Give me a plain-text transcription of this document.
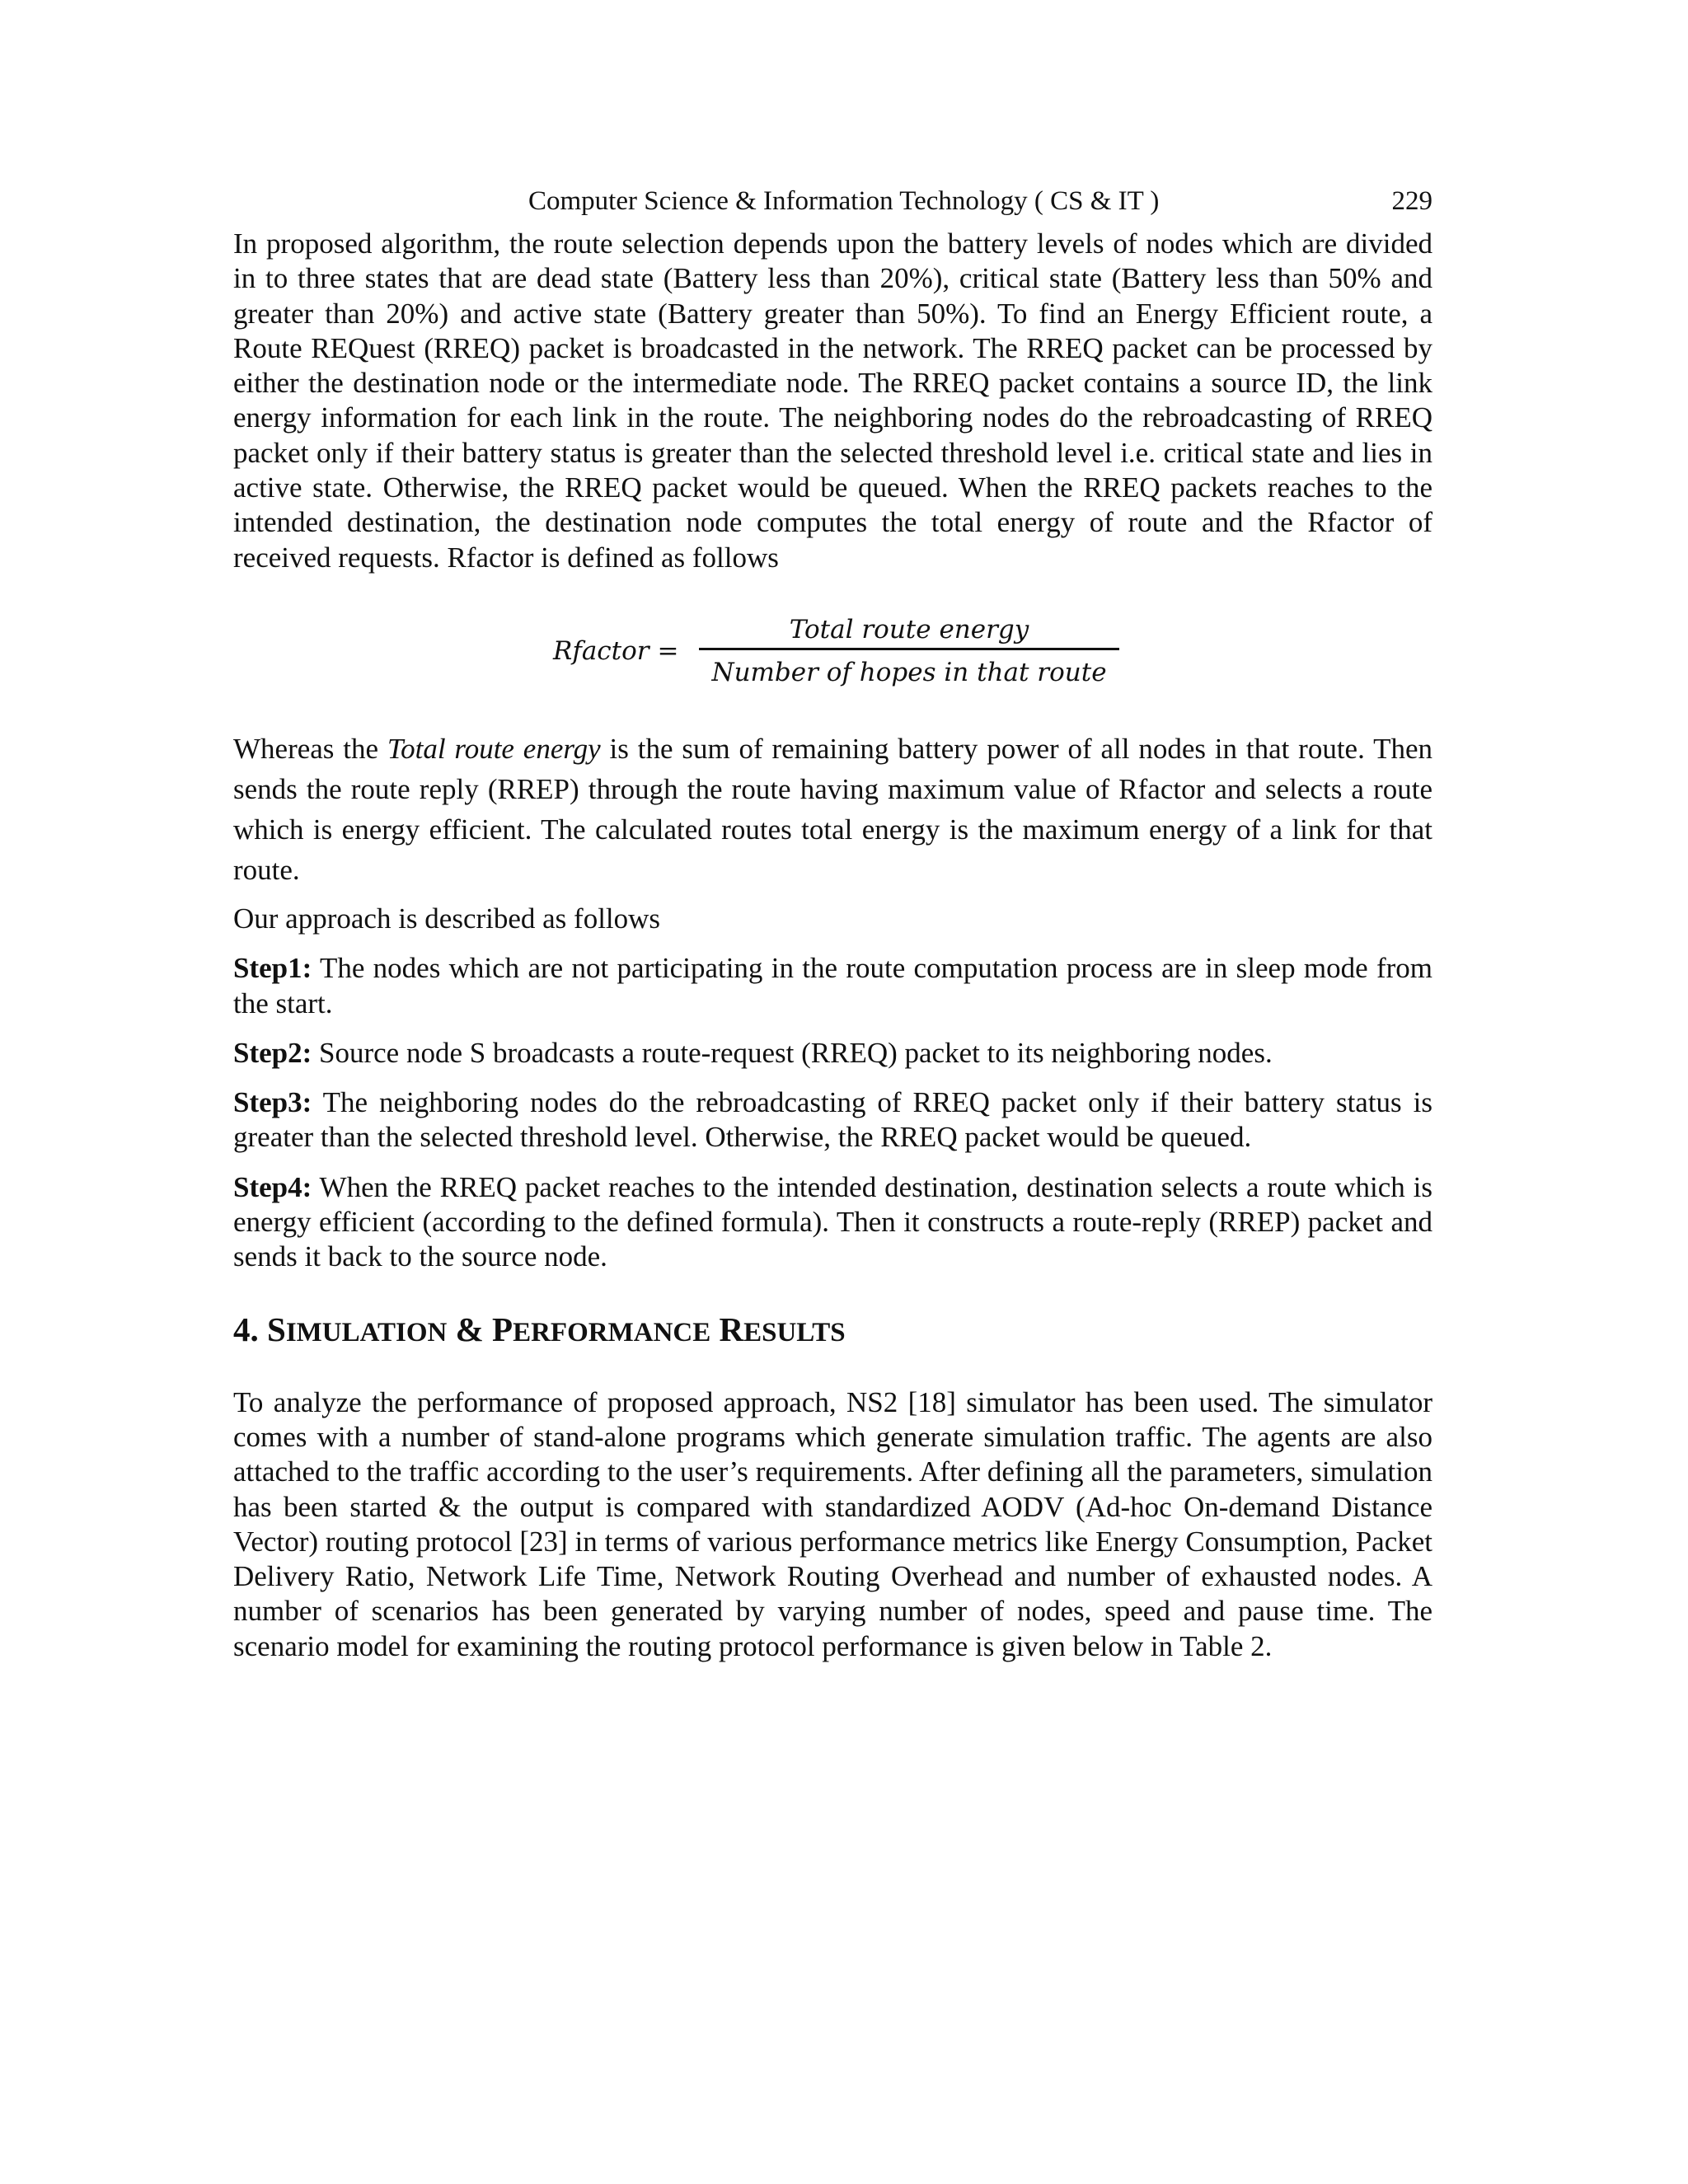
Computer Science & Information Technology ( CS & IT )	229

In proposed algorithm, the route selection depends upon the battery levels of nodes which are divided in to three states that are dead state (Battery less than 20%), critical state (Battery less than 50% and greater than 20%) and active state (Battery greater than 50%). To find an Energy Efficient route, a Route REQuest (RREQ) packet is broadcasted in the network. The RREQ packet can be processed by either the destination node or the intermediate node. The RREQ packet contains a source ID, the link energy information for each link in the route. The neighboring nodes do the rebroadcasting of RREQ packet only if their battery status is greater than the selected threshold level i.e. critical state and lies in active state. Otherwise, the RREQ packet would be queued. When the RREQ packets reaches to the intended destination, the destination node computes the total energy of route and the Rfactor of received requests. Rfactor is defined as follows

Rfactor =
Total route energy
Number of hopes in that route

Whereas the Total route energy is the sum of remaining battery power of all nodes in that route. Then sends the route reply (RREP) through the route having maximum value of Rfactor and selects a route which is energy efficient. The calculated routes total energy is the maximum energy of a link for that route.

Our approach is described as follows

Step1: The nodes which are not participating in the route computation process are in sleep mode from the start.

Step2: Source node S broadcasts a route-request (RREQ) packet to its neighboring nodes.

Step3: The neighboring nodes do the rebroadcasting of RREQ packet only if their battery status is greater than the selected threshold level. Otherwise, the RREQ packet would be queued.

Step4: When the RREQ packet reaches to the intended destination, destination selects a route which is energy efficient (according to the defined formula). Then it constructs a route-reply (RREP) packet and sends it back to the source node.

4. SIMULATION & PERFORMANCE RESULTS

To analyze the performance of proposed approach, NS2 [18] simulator has been used. The simulator comes with a number of stand-alone programs which generate simulation traffic. The agents are also attached to the traffic according to the user’s requirements. After defining all the parameters, simulation has been started & the output is compared with standardized AODV (Ad-hoc On-demand Distance Vector) routing protocol [23] in terms of various performance metrics like Energy Consumption, Packet Delivery Ratio, Network Life Time, Network Routing Overhead and number of exhausted nodes. A number of scenarios has been generated by varying number of nodes, speed and pause time. The scenario model for examining the routing protocol performance is given below in Table 2.
